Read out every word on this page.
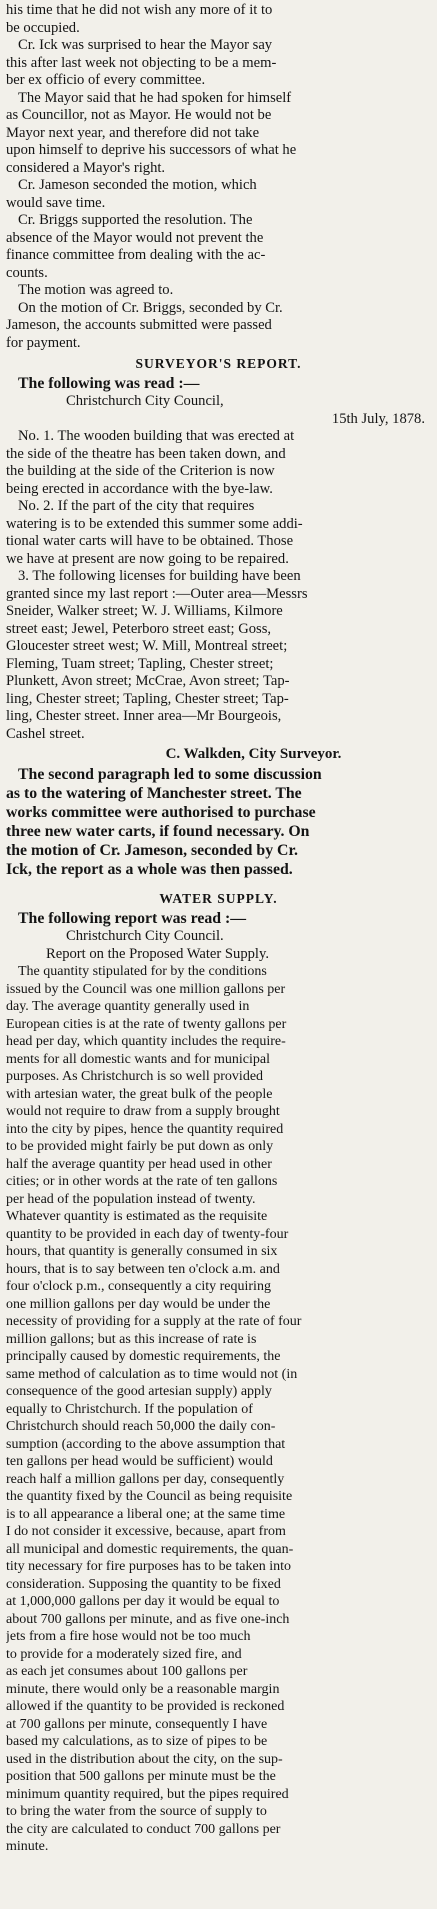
his time that he did not wish any more of it to
be occupied.
Cr. Ick was surprised to hear the Mayor say
this after last week not objecting to be a mem-
ber ex officio of every committee.
The Mayor said that he had spoken for himself
as Councillor, not as Mayor. He would not be
Mayor next year, and therefore did not take
upon himself to deprive his successors of what he
considered a Mayor's right.
Cr. Jameson seconded the motion, which
would save time.
Cr. Briggs supported the resolution. The
absence of the Mayor would not prevent the
finance committee from dealing with the ac-
counts.
The motion was agreed to.
On the motion of Cr. Briggs, seconded by Cr.
Jameson, the accounts submitted were passed
for payment.
SURVEYOR'S REPORT.
The following was read :—
Christchurch City Council,
15th July, 1878.
No. 1. The wooden building that was erected at
the side of the theatre has been taken down, and
the building at the side of the Criterion is now
being erected in accordance with the bye-law.
No. 2. If the part of the city that requires
watering is to be extended this summer some addi-
tional water carts will have to be obtained. Those
we have at present are now going to be repaired.
3. The following licenses for building have been
granted since my last report :—Outer area—Messrs
Sneider, Walker street; W. J. Williams, Kilmore
street east; Jewel, Peterboro street east; Goss,
Gloucester street west; W. Mill, Montreal street;
Fleming, Tuam street; Tapling, Chester street;
Plunkett, Avon street; McCrae, Avon street; Tap-
ling, Chester street; Tapling, Chester street; Tap-
ling, Chester street. Inner area—Mr Bourgeois,
Cashel street.
C. Walkden, City Surveyor.
The second paragraph led to some discussion
as to the watering of Manchester street. The
works committee were authorised to purchase
three new water carts, if found necessary. On
the motion of Cr. Jameson, seconded by Cr.
Ick, the report as a whole was then passed.
WATER SUPPLY.
The following report was read :—
Christchurch City Council.
Report on the Proposed Water Supply.
The quantity stipulated for by the conditions
issued by the Council was one million gallons per
day. The average quantity generally used in
European cities is at the rate of twenty gallons per
head per day, which quantity includes the require-
ments for all domestic wants and for municipal
purposes. As Christchurch is so well provided
with artesian water, the great bulk of the people
would not require to draw from a supply brought
into the city by pipes, hence the quantity required
to be provided might fairly be put down as only
half the average quantity per head used in other
cities; or in other words at the rate of ten gallons
per head of the population instead of twenty.
Whatever quantity is estimated as the requisite
quantity to be provided in each day of twenty-four
hours, that quantity is generally consumed in six
hours, that is to say between ten o'clock a.m. and
four o'clock p.m., consequently a city requiring
one million gallons per day would be under the
necessity of providing for a supply at the rate of four
million gallons; but as this increase of rate is
principally caused by domestic requirements, the
same method of calculation as to time would not (in
consequence of the good artesian supply) apply
equally to Christchurch. If the population of
Christchurch should reach 50,000 the daily con-
sumption (according to the above assumption that
ten gallons per head would be sufficient) would
reach half a million gallons per day, consequently
the quantity fixed by the Council as being requisite
is to all appearance a liberal one; at the same time
I do not consider it excessive, because, apart from
all municipal and domestic requirements, the quan-
tity necessary for fire purposes has to be taken into
consideration. Supposing the quantity to be fixed
at 1,000,000 gallons per day it would be equal to
about 700 gallons per minute, and as five one-inch
jets from a fire hose would not be too much
to provide for a moderately sized fire, and
as each jet consumes about 100 gallons per
minute, there would only be a reasonable margin
allowed if the quantity to be provided is reckoned
at 700 gallons per minute, consequently I have
based my calculations, as to size of pipes to be
used in the distribution about the city, on the sup-
position that 500 gallons per minute must be the
minimum quantity required, but the pipes required
to bring the water from the source of supply to
the city are calculated to conduct 700 gallons per
minute.
